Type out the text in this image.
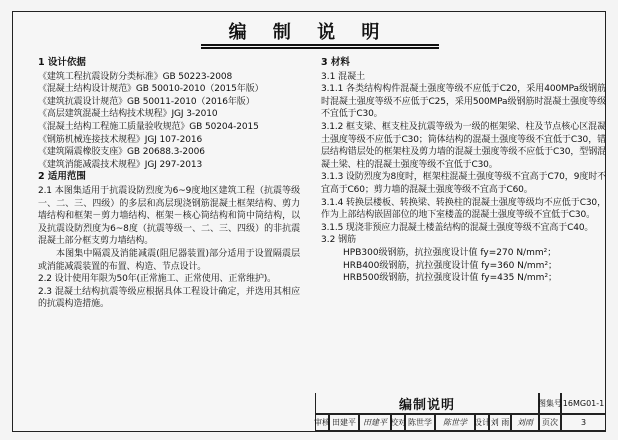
编 制 说 明
1 设计依据
《建筑工程抗震设防分类标准》GB 50223-2008
《混凝土结构设计规范》GB 50010-2010（2015年版）
《建筑抗震设计规范》GB 50011-2010（2016年版）
《高层建筑混凝土结构技术规程》JGJ 3-2010
《混凝土结构工程施工质量验收规范》GB 50204-2015
《钢筋机械连接技术规程》JGJ 107-2016
《建筑隔震橡胶支座》GB 20688.3-2006
《建筑消能减震技术规程》JGJ 297-2013
2 适用范围

2.1 本图集适用于抗震设防烈度为6~9度地区建筑工程（抗震等级一、二、三、四级）的多层和高层现浇钢筋混凝土框架结构、剪力墙结构和框架－剪力墙结构、框架－核心筒结构和筒中筒结构，以及抗震设防烈度为6~8度（抗震等级一、二、三、四级）的非抗震混凝土部分框支剪力墙结构。

本图集中隔震及消能减震(阻尼器装置)部分适用于设置隔震层或消能减震装置的布置、构造、节点设计。

2.2 设计使用年限为50年(正常施工、正常使用、正常维护)。

2.3 混凝土结构抗震等级应根据具体工程设计确定，并选用其相应的抗震构造措施。

3 材料
3.1 混凝土

3.1.1 各类结构构件混凝土强度等级不应低于C20，采用400MPa级钢筋时混凝土强度等级不应低于C25，采用500MPa级钢筋时混凝土强度等级不宜低于C30。

3.1.2 框支梁、框支柱及抗震等级为一级的框架梁、柱及节点核心区混凝土强度等级不应低于C30；筒体结构的混凝土强度等级不宜低于C30，错层结构错层处的框架柱及剪力墙的混凝土强度等级不应低于C30，型钢混凝土梁、柱的混凝土强度等级不宜低于C30。

3.1.3 设防烈度为8度时，框架柱混凝土强度等级不宜高于C70，9度时不宜高于C60；剪力墙的混凝土强度等级不宜高于C60。

3.1.4 转换层楼板、转换梁、转换柱的混凝土强度等级均不应低于C30，作为上部结构嵌固部位的地下室楼盖的混凝土强度等级不宜低于C30。

3.1.5 现浇非预应力混凝土楼盖结构的混凝土强度等级不宜高于C40。

3.2 钢筋
HPB300级钢筋，抗拉强度设计值 fy=270 N/mm²；
HRB400级钢筋，抗拉强度设计值 fy=360 N/mm²；
HRB500级钢筋，抗拉强度设计值 fy=435 N/mm²；
编制说明	图集号 16MG01-1
审核 田建平 田建平 校对 陈世学 陈世学 设计 刘 雨 刘雨 页次	3
